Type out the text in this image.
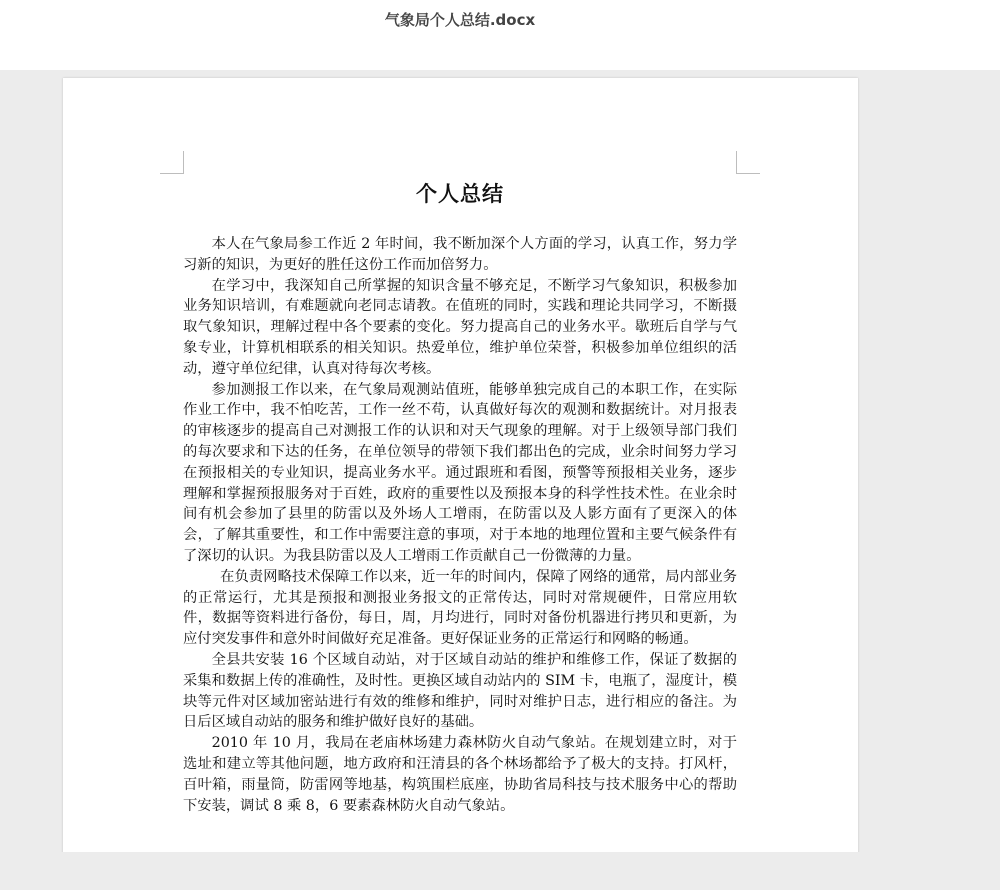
气象局个人总结.docx
个人总结

本人在气象局参工作近 2 年时间，我不断加深个人方面的学习，认真工作，努力学习新的知识，为更好的胜任这份工作而加倍努力。

在学习中，我深知自己所掌握的知识含量不够充足，不断学习气象知识，积极参加业务知识培训，有难题就向老同志请教。在值班的同时，实践和理论共同学习，不断摄取气象知识，理解过程中各个要素的变化。努力提高自己的业务水平。歇班后自学与气象专业，计算机相联系的相关知识。热爱单位，维护单位荣誉，积极参加单位组织的活动，遵守单位纪律，认真对待每次考核。

参加测报工作以来，在气象局观测站值班，能够单独完成自己的本职工作，在实际作业工作中，我不怕吃苦，工作一丝不苟，认真做好每次的观测和数据统计。对月报表的审核逐步的提高自己对测报工作的认识和对天气现象的理解。对于上级领导部门我们的每次要求和下达的任务，在单位领导的带领下我们都出色的完成，业余时间努力学习在预报相关的专业知识，提高业务水平。通过跟班和看图，预警等预报相关业务，逐步理解和掌握预报服务对于百姓，政府的重要性以及预报本身的科学性技术性。在业余时间有机会参加了县里的防雷以及外场人工增雨，在防雷以及人影方面有了更深入的体会，了解其重要性，和工作中需要注意的事项，对于本地的地理位置和主要气候条件有了深切的认识。为我县防雷以及人工增雨工作贡献自己一份微薄的力量。

在负责网略技术保障工作以来，近一年的时间内，保障了网络的通常，局内部业务的正常运行，尤其是预报和测报业务报文的正常传达，同时对常规硬件，日常应用软件，数据等资料进行备份，每日，周，月均进行，同时对备份机器进行拷贝和更新，为应付突发事件和意外时间做好充足准备。更好保证业务的正常运行和网略的畅通。

全县共安装 16 个区域自动站，对于区域自动站的维护和维修工作，保证了数据的采集和数据上传的准确性，及时性。更换区域自动站内的 SIM 卡，电瓶了，湿度计，模块等元件对区域加密站进行有效的维修和维护，同时对维护日志，进行相应的备注。为日后区域自动站的服务和维护做好良好的基础。

2010 年 10 月，我局在老庙林场建力森林防火自动气象站。在规划建立时，对于选址和建立等其他问题，地方政府和汪清县的各个林场都给予了极大的支持。打风杆，百叶箱，雨量筒，防雷网等地基，构筑围栏底座，协助省局科技与技术服务中心的帮助下安装，调试 8 乘 8，6 要素森林防火自动气象站。
